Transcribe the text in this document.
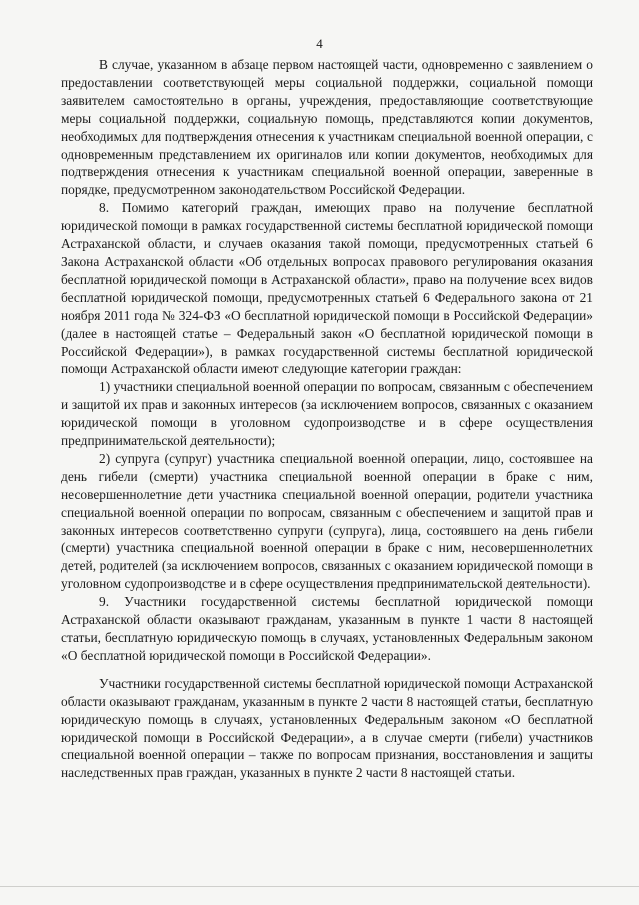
4

В случае, указанном в абзаце первом настоящей части, одновременно с заявлением о предоставлении соответствующей меры социальной поддержки, социальной помощи заявителем самостоятельно в органы, учреждения, предоставляющие соответствующие меры социальной поддержки, социальную помощь, представляются копии документов, необходимых для подтверждения отнесения к участникам специальной военной операции, с одновременным представлением их оригиналов или копии документов, необходимых для подтверждения отнесения к участникам специальной военной операции, заверенные в порядке, предусмотренном законодательством Российской Федерации.

8. Помимо категорий граждан, имеющих право на получение бесплатной юридической помощи в рамках государственной системы бесплатной юридической помощи Астраханской области, и случаев оказания такой помощи, предусмотренных статьей 6 Закона Астраханской области «Об отдельных вопросах правового регулирования оказания бесплатной юридической помощи в Астраханской области», право на получение всех видов бесплатной юридической помощи, предусмотренных статьей 6 Федерального закона от 21 ноября 2011 года № 324-ФЗ «О бесплатной юридической помощи в Российской Федерации» (далее в настоящей статье – Федеральный закон «О бесплатной юридической помощи в Российской Федерации»), в рамках государственной системы бесплатной юридической помощи Астраханской области имеют следующие категории граждан:

1) участники специальной военной операции по вопросам, связанным с обеспечением и защитой их прав и законных интересов (за исключением вопросов, связанных с оказанием юридической помощи в уголовном судопроизводстве и в сфере осуществления предпринимательской деятельности);

2) супруга (супруг) участника специальной военной операции, лицо, состоявшее на день гибели (смерти) участника специальной военной операции в браке с ним, несовершеннолетние дети участника специальной военной операции, родители участника специальной военной операции по вопросам, связанным с обеспечением и защитой прав и законных интересов соответственно супруги (супруга), лица, состоявшего на день гибели (смерти) участника специальной военной операции в браке с ним, несовершеннолетних детей, родителей (за исключением вопросов, связанных с оказанием юридической помощи в уголовном судопроизводстве и в сфере осуществления предпринимательской деятельности).

9. Участники государственной системы бесплатной юридической помощи Астраханской области оказывают гражданам, указанным в пункте 1 части 8 настоящей статьи, бесплатную юридическую помощь в случаях, установленных Федеральным законом «О бесплатной юридической помощи в Российской Федерации».

Участники государственной системы бесплатной юридической помощи Астраханской области оказывают гражданам, указанным в пункте 2 части 8 настоящей статьи, бесплатную юридическую помощь в случаях, установленных Федеральным законом «О бесплатной юридической помощи в Российской Федерации», а в случае смерти (гибели) участников специальной военной операции – также по вопросам признания, восстановления и защиты наследственных прав граждан, указанных в пункте 2 части 8 настоящей статьи.
